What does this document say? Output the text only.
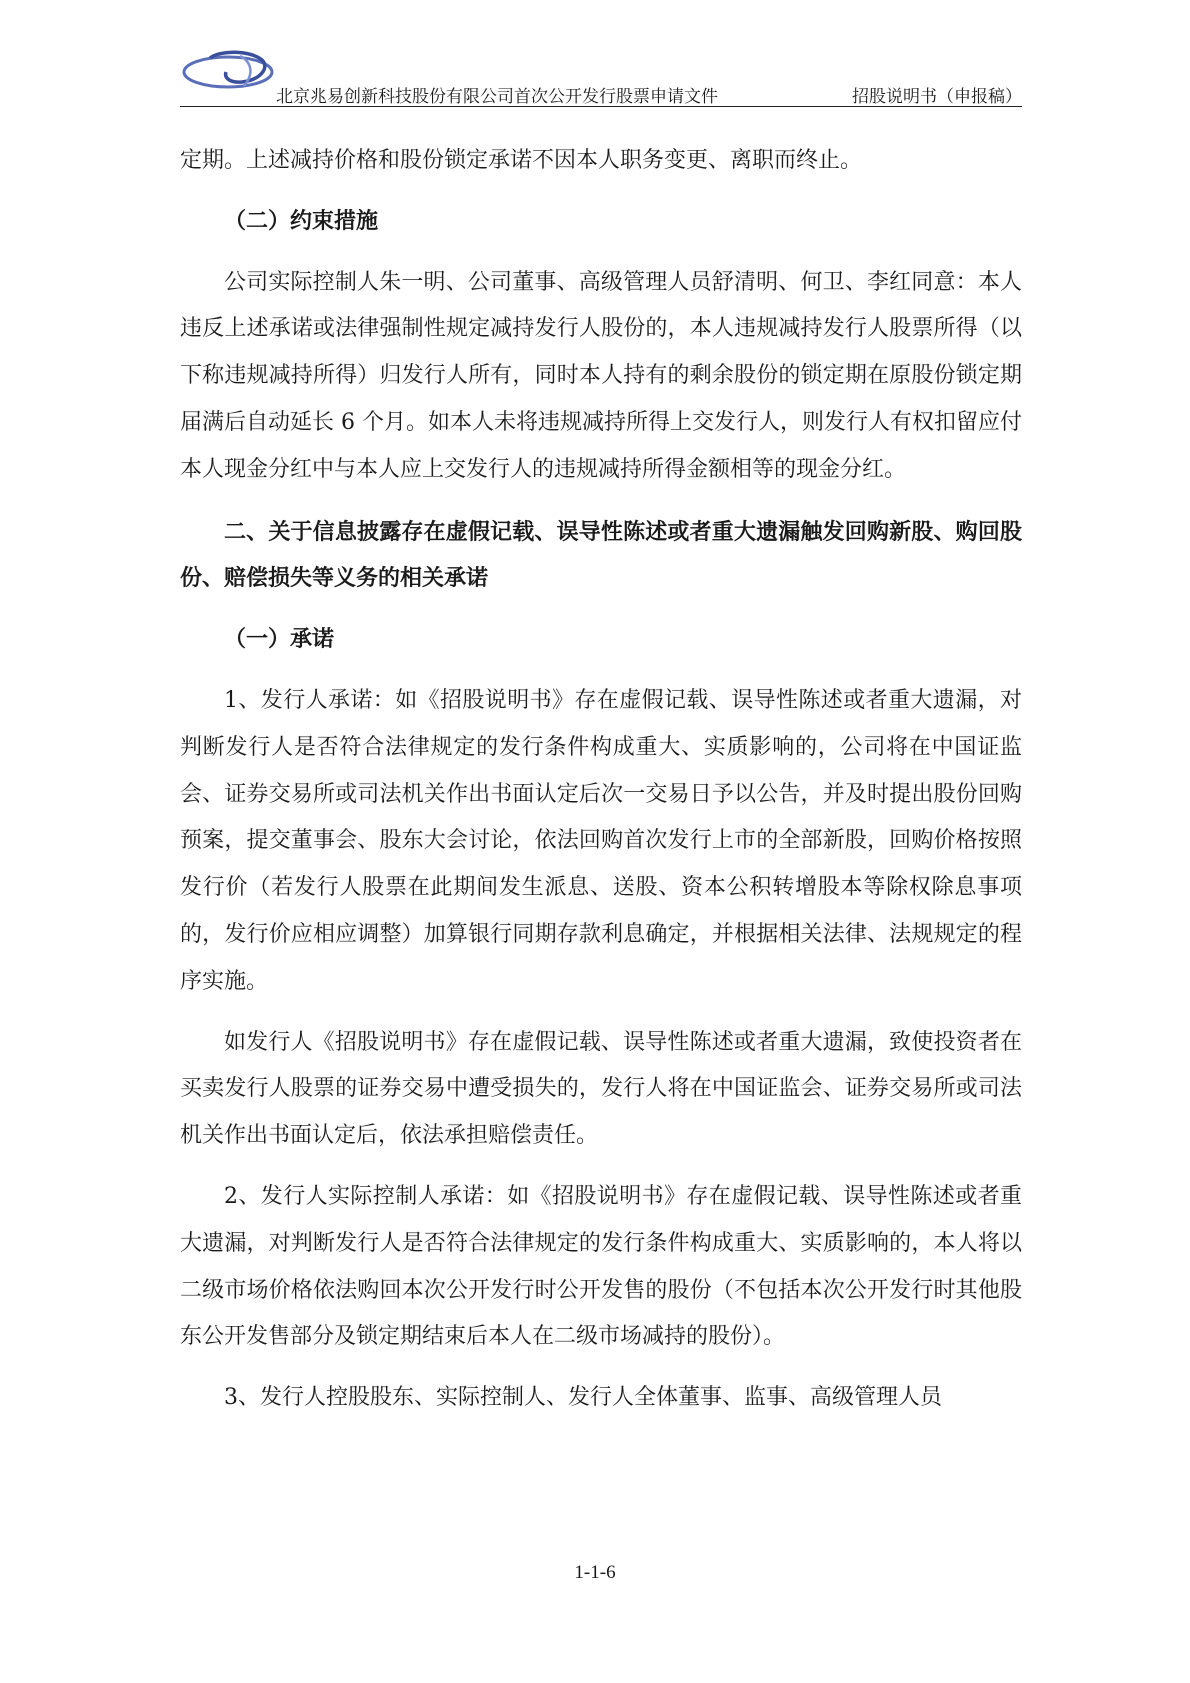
北京兆易创新科技股份有限公司首次公开发行股票申请文件	招股说明书（申报稿）

定期。上述减持价格和股份锁定承诺不因本人职务变更、离职而终止。

（二）约束措施

公司实际控制人朱一明、公司董事、高级管理人员舒清明、何卫、李红同意：本人违反上述承诺或法律强制性规定减持发行人股份的，本人违规减持发行人股票所得（以下称违规减持所得）归发行人所有，同时本人持有的剩余股份的锁定期在原股份锁定期届满后自动延长 6 个月。如本人未将违规减持所得上交发行人，则发行人有权扣留应付本人现金分红中与本人应上交发行人的违规减持所得金额相等的现金分红。

二、关于信息披露存在虚假记载、误导性陈述或者重大遗漏触发回购新股、购回股份、赔偿损失等义务的相关承诺

（一）承诺

1、发行人承诺：如《招股说明书》存在虚假记载、误导性陈述或者重大遗漏，对判断发行人是否符合法律规定的发行条件构成重大、实质影响的，公司将在中国证监会、证券交易所或司法机关作出书面认定后次一交易日予以公告，并及时提出股份回购预案，提交董事会、股东大会讨论，依法回购首次发行上市的全部新股，回购价格按照发行价（若发行人股票在此期间发生派息、送股、资本公积转增股本等除权除息事项的，发行价应相应调整）加算银行同期存款利息确定，并根据相关法律、法规规定的程序实施。

如发行人《招股说明书》存在虚假记载、误导性陈述或者重大遗漏，致使投资者在买卖发行人股票的证券交易中遭受损失的，发行人将在中国证监会、证券交易所或司法机关作出书面认定后，依法承担赔偿责任。

2、发行人实际控制人承诺：如《招股说明书》存在虚假记载、误导性陈述或者重大遗漏，对判断发行人是否符合法律规定的发行条件构成重大、实质影响的，本人将以二级市场价格依法购回本次公开发行时公开发售的股份（不包括本次公开发行时其他股东公开发售部分及锁定期结束后本人在二级市场减持的股份）。

3、发行人控股股东、实际控制人、发行人全体董事、监事、高级管理人员

1-1-6
